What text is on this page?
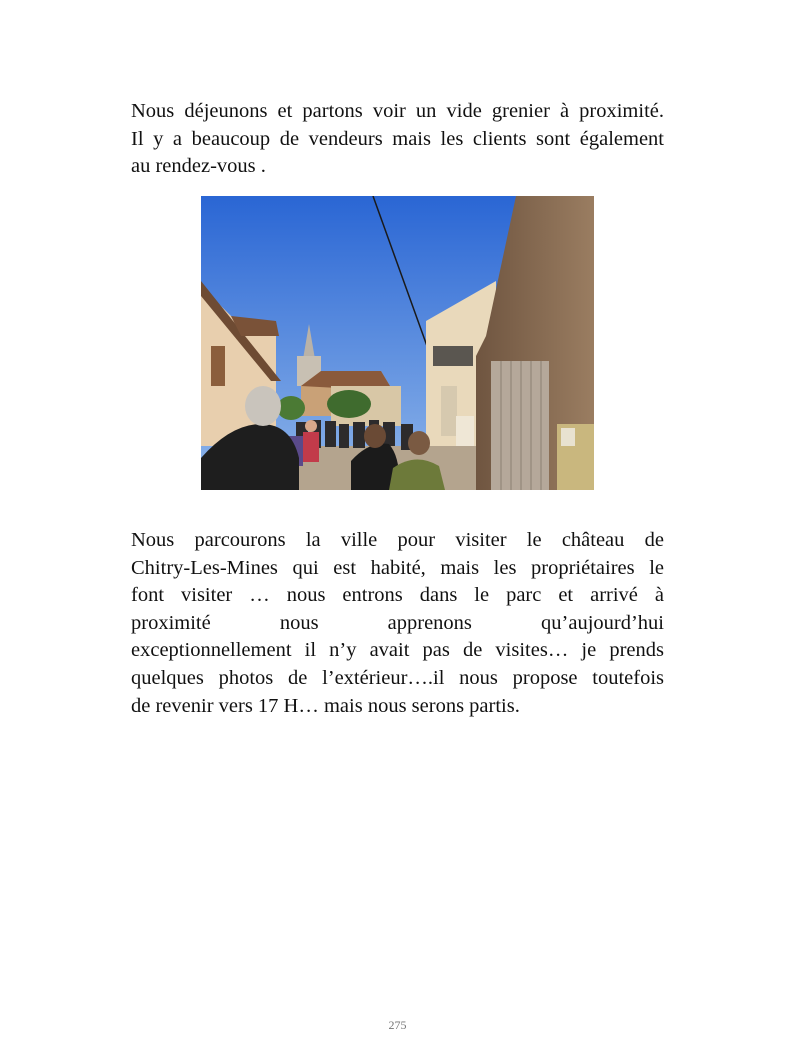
Nous déjeunons et partons voir un vide grenier à proximité.
Il y a beaucoup de vendeurs mais les clients sont également
au rendez-vous .
Nous parcourons la ville pour visiter le château de
Chitry-Les-Mines qui est habité, mais les propriétaires le
font visiter … nous entrons dans le parc et arrivé à
proximité nous apprenons qu’aujourd’hui
exceptionnellement il n’y avait pas de visites… je prends
quelques photos de l’extérieur….il nous propose toutefois
de revenir vers 17 H… mais nous serons partis.
275
